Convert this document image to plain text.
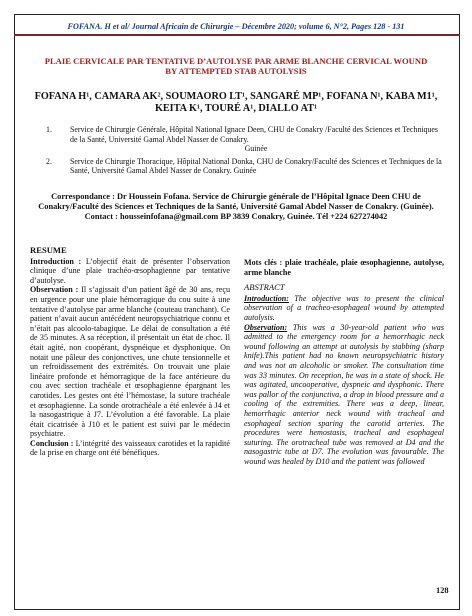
FOFANA. H et al/ Journal Africain de Chirurgie – Décembre 2020; volume 6, N°2, Pages 128 - 131
PLAIE CERVICALE PAR TENTATIVE D’AUTOLYSE PAR ARME BLANCHE CERVICAL WOUND BY ATTEMPTED STAB AUTOLYSIS
FOFANA H¹, CAMARA AK², SOUMAORO LT¹, SANGARÉ MP¹, FOFANA N¹, KABA M1¹, KEITA K¹, TOURÉ A¹, DIALLO AT¹
1. Service de Chirurgie Générale, Hôpital National Ignace Deen, CHU de Conakry /Faculté des Sciences et Techniques de la Santé, Université Gamal Abdel Nasser de Conakry.
Guinée
2. Service de Chirurgie Thoracique, Hôpital National Donka, CHU de Conakry/Faculté des Sciences et Techniques de la Santé, Université Gamal Abdel Nasser de Conakry. Guinée
Correspondance : Dr Houssein Fofana. Service de Chirurgie générale de l’Hôpital Ignace Deen CHU de Conakry/Faculté des Sciences et Techniques de la Santé, Université Gamal Abdel Nasser de Conakry. (Guinée). Contact : housseinfofana@gmail.com BP 3839 Conakry, Guinée. Tél +224 627274042
RESUME
Introduction : L’objectif était de présenter l’observation clinique d’une plaie trachéo-œsophagienne par tentative d’autolyse.
Observation : Il s’agissait d’un patient âgé de 30 ans, reçu en urgence pour une plaie hémorragique du cou suite à une tentative d’autolyse par arme blanche (couteau tranchant). Ce patient n’avait aucun antécédent neuropsychiatrique connu et n’était pas alcoolo-tabagique. Le délai de consultation a été de 35 minutes. A sa réception, il présentait un état de choc. Il était agité, non coopérant, dyspnéique et dysphonique. On notait une pâleur des conjonctives, une chute tensionnelle et un refroidissement des extrémités. On trouvait une plaie linéaire profonde et hémorragique de la face antérieure du cou avec section trachéale et œsophagienne épargnant les carotides. Les gestes ont été l’hémostase, la suture trachéale et œsophagienne. La sonde orotrachéale a été enlevée à J4 et la nasogastrique à J7. L’évolution a été favorable. La plaie était cicatrisée à J10 et le patient est suivi par le médecin psychiatre.
Conclusion : L’intégrité des vaisseaux carotides et la rapidité de la prise en charge ont été bénéfiques.
Mots clés : plaie trachéale, plaie œsophagienne, autolyse, arme blanche
ABSTRACT
Introduction: The objective was to present the clinical observation of a tracheo-esophageal wound by attempted autolysis.
Observation: This was a 30-year-old patient who was admitted to the emergency room for a hemorrhagic neck wound following an attempt at autolysis by stabbing (sharp knife).This patient had no known neuropsychiatric history and was not an alcoholic or smoker. The consultation time was 33 minutes. On reception, he was in a state of shock. He was agitated, uncooperative, dyspneic and dysphonic. There was pallor of the conjunctiva, a drop in blood pressure and a cooling of the extremities. There was a deep, linear, hemorrhagic anterior neck wound with tracheal and esophageal section sparing the carotid arteries. The procedures were hemostasis, tracheal and esophageal suturing. The orotracheal tube was removed at D4 and the nasogastric tube at D7. The evolution was favourable. The wound was healed by D10 and the patient was followed
128
